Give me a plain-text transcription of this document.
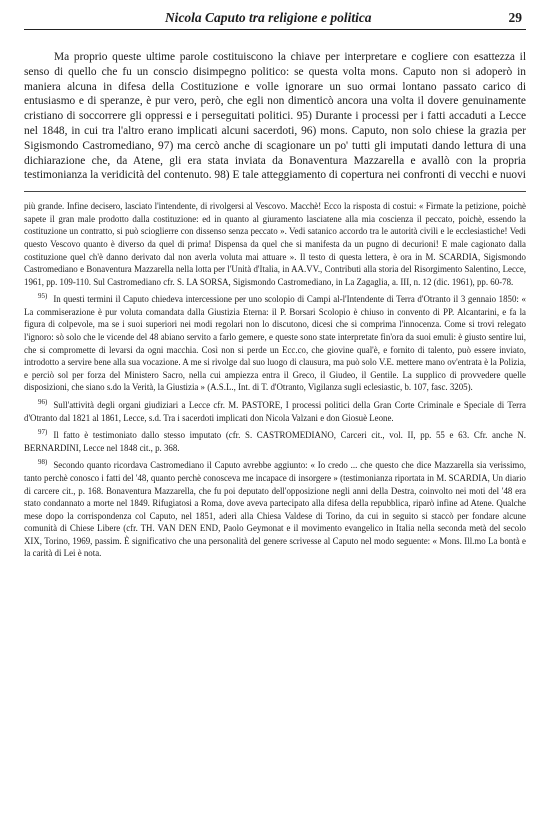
Nicola Caputo tra religione e politica	29

Ma proprio queste ultime parole costituiscono la chiave per interpretare e cogliere con esattezza il senso di quello che fu un conscio disimpegno politico: se questa volta mons. Caputo non si adoperò in maniera alcuna in difesa della Costituzione e volle ignorare un suo ormai lontano passato carico di entusiasmo e di speranze, è pur vero, però, che egli non dimenticò ancora una volta il dovere genuinamente cristiano di soccorrere gli oppressi e i perseguitati politici. 95) Durante i processi per i fatti accaduti a Lecce nel 1848, in cui tra l'altro erano implicati alcuni sacerdoti, 96) mons. Caputo, non solo chiese la grazia per Sigismondo Castromediano, 97) ma cercò anche di scagionare un po' tutti gli imputati dando lettura di una dichiarazione che, da Atene, gli era stata inviata da Bonaventura Mazzarella e avallò con la propria testimonianza la veridicità del contenuto. 98) E tale atteggiamento di copertura nei confronti di vecchi e nuovi

più grande. Infine decisero, lasciato l'intendente, di rivolgersi al Vescovo. Macchè! Ecco la risposta di costui: « Firmate la petizione, poichè sapete il gran male prodotto dalla costituzione: ed in quanto al giuramento lasciatene alla mia coscienza il peccato, poichè, essendo la costituzione un contratto, si può scioglierre con dissenso senza peccato ». Vedi satanico accordo tra le autorità civili e le ecclesiastiche! Vedi questo Vescovo quanto è diverso da quel di prima! Dispensa da quel che si manifesta da un pugno di decurioni! E male cagionato dalla costituzione quel ch'è danno derivato dal non averla voluta mai attuare ». Il testo di questa lettera, è ora in M. SCARDIA, Sigismondo Castromediano e Bonaventura Mazzarella nella lotta per l'Unità d'Italia, in AA.VV., Contributi alla storia del Risorgimento Salentino, Lecce, 1961, pp. 109-110. Sul Castromediano cfr. S. LA SORSA, Sigismondo Castromediano, in La Zagaglia, a. III, n. 12 (dic. 1961), pp. 60-78.

$^{95)}$ In questi termini il Caputo chiedeva intercessione per uno scolopio di Campi al-l'Intendente di Terra d'Otranto il 3 gennaio 1850: « La commiserazione è pur voluta comandata dalla Giustizia Eterna: il P. Borsari Scolopio è chiuso in convento di PP. Alcantarini, e fa la figura di colpevole, ma se i suoi superiori nei modi regolari non lo discutono, dicesi che si comprima l'innocenza. Come si trovi relegato l'ignoro: sò solo che le vicende del 48 abiano servito a farlo gemere, e queste sono state interpretate fin'ora da suoi emuli: è giusto sentire lui, che si compromette di levarsi da ogni macchia. Così non si perde un Ecc.co, che giovine qual'è, e fornito di talento, può essere inviato, introdotto a servire bene alla sua vocazione. A me si rivolge dal suo luogo di clausura, ma può solo V.E. mettere mano ov'entrata è la Polizia, e perciò sol per forza del Ministero Sacro, nella cui ampiezza entra il Greco, il Giudeo, il Gentile. La supplico di provvedere quelle disposizioni, che siano s.do la Verità, la Giustizia » (A.S.L., Int. di T. d'Otranto, Vigilanza sugli eclesiastic, b. 107, fasc. 3205).

$^{96)}$ Sull'attività degli organi giudiziari a Lecce cfr. M. PASTORE, I processi politici della Gran Corte Criminale e Speciale di Terra d'Otranto dal 1821 al 1861, Lecce, s.d. Tra i sacerdoti implicati don Nicola Valzani e don Giosuè Leone.

$^{97)}$ Il fatto è testimoniato dallo stesso imputato (cfr. S. CASTROMEDIANO, Carceri cit., vol. II, pp. 55 e 63. Cfr. anche N. BERNARDINI, Lecce nel 1848 cit., p. 368.

$^{98)}$ Secondo quanto ricordava Castromediano il Caputo avrebbe aggiunto: « Io credo ... che questo che dice Mazzarella sia verissimo, tanto perchè conosco i fatti del '48, quanto perchè conosceva me incapace di insorgere » (testimonianza riportata in M. SCARDIA, Un diario di carcere cit., p. 168. Bonaventura Mazzarella, che fu poi deputato dell'opposizione negli anni della Destra, coinvolto nei moti del '48 era stato condannato a morte nel 1849. Rifugiatosi a Roma, dove aveva partecipato alla difesa della repubblica, riparò infine ad Atene. Qualche mese dopo la corrispondenza col Caputo, nel 1851, aderì alla Chiesa Valdese di Torino, da cui in seguito si staccò per fondare alcune comunità di Chiese Libere (cfr. TH. VAN DEN END, Paolo Geymonat e il movimento evangelico in Italia nella seconda metà del secolo XIX, Torino, 1969, passim. È significativo che una personalità del genere scrivesse al Caputo nel modo seguente: « Mons. Ill.mo La bontà e la carità di Lei è nota.
